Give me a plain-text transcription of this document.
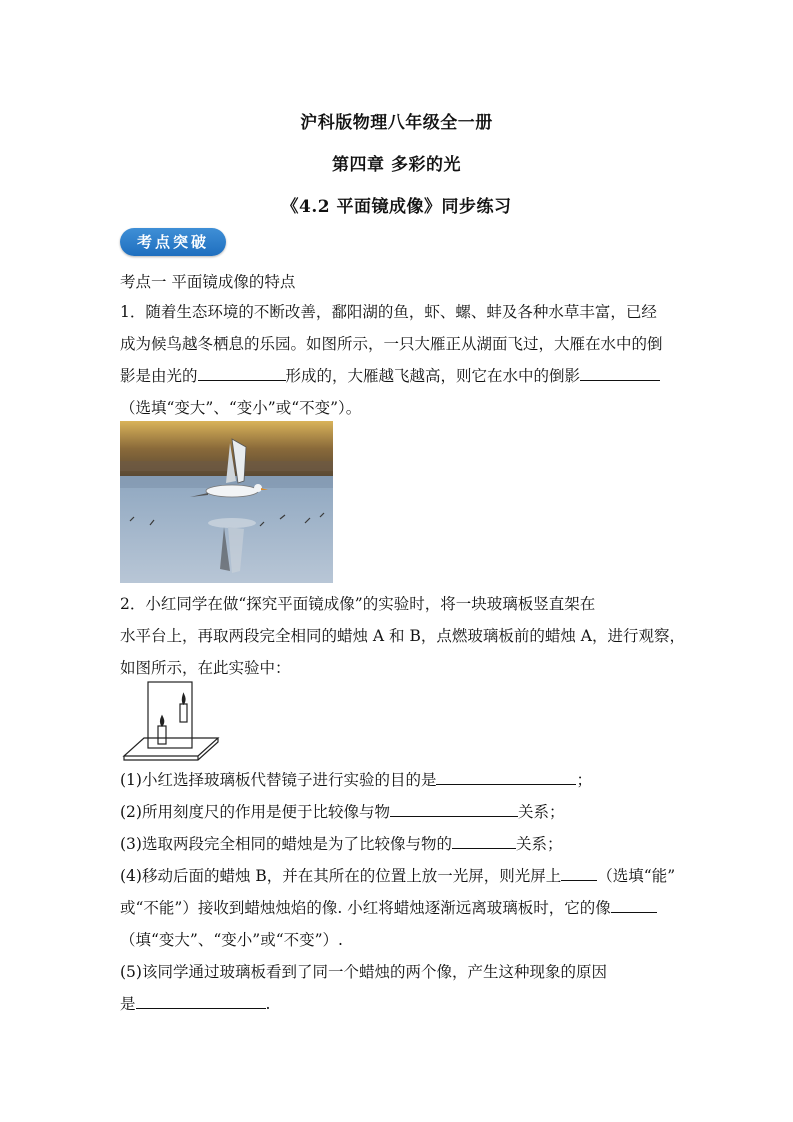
沪科版物理八年级全一册
第四章 多彩的光
《4.2 平面镜成像》同步练习
考点突破
考点一 平面镜成像的特点
1．随着生态环境的不断改善，鄱阳湖的鱼，虾、螺、蚌及各种水草丰富，已经
成为候鸟越冬栖息的乐园。如图所示，一只大雁正从湖面飞过，大雁在水中的倒
影是由光的	形成的，大雁越飞越高，则它在水中的倒影
（选填“变大”、“变小”或“不变”）。
2．小红同学在做“探究平面镜成像”的实验时，将一块玻璃板竖直架在
水平台上，再取两段完全相同的蜡烛 A 和 B，点燃玻璃板前的蜡烛 A，进行观察，
如图所示，在此实验中：
(1)小红选择玻璃板代替镜子进行实验的目的是	；
(2)所用刻度尺的作用是便于比较像与物	关系；
(3)选取两段完全相同的蜡烛是为了比较像与物的	关系；
(4)移动后面的蜡烛 B，并在其所在的位置上放一光屏，则光屏上 （选填“能”
或“不能”）接收到蜡烛烛焰的像. 小红将蜡烛逐渐远离玻璃板时，它的像
（填“变大”、“变小”或“不变”）.
(5)该同学通过玻璃板看到了同一个蜡烛的两个像，产生这种现象的原因
是	.
